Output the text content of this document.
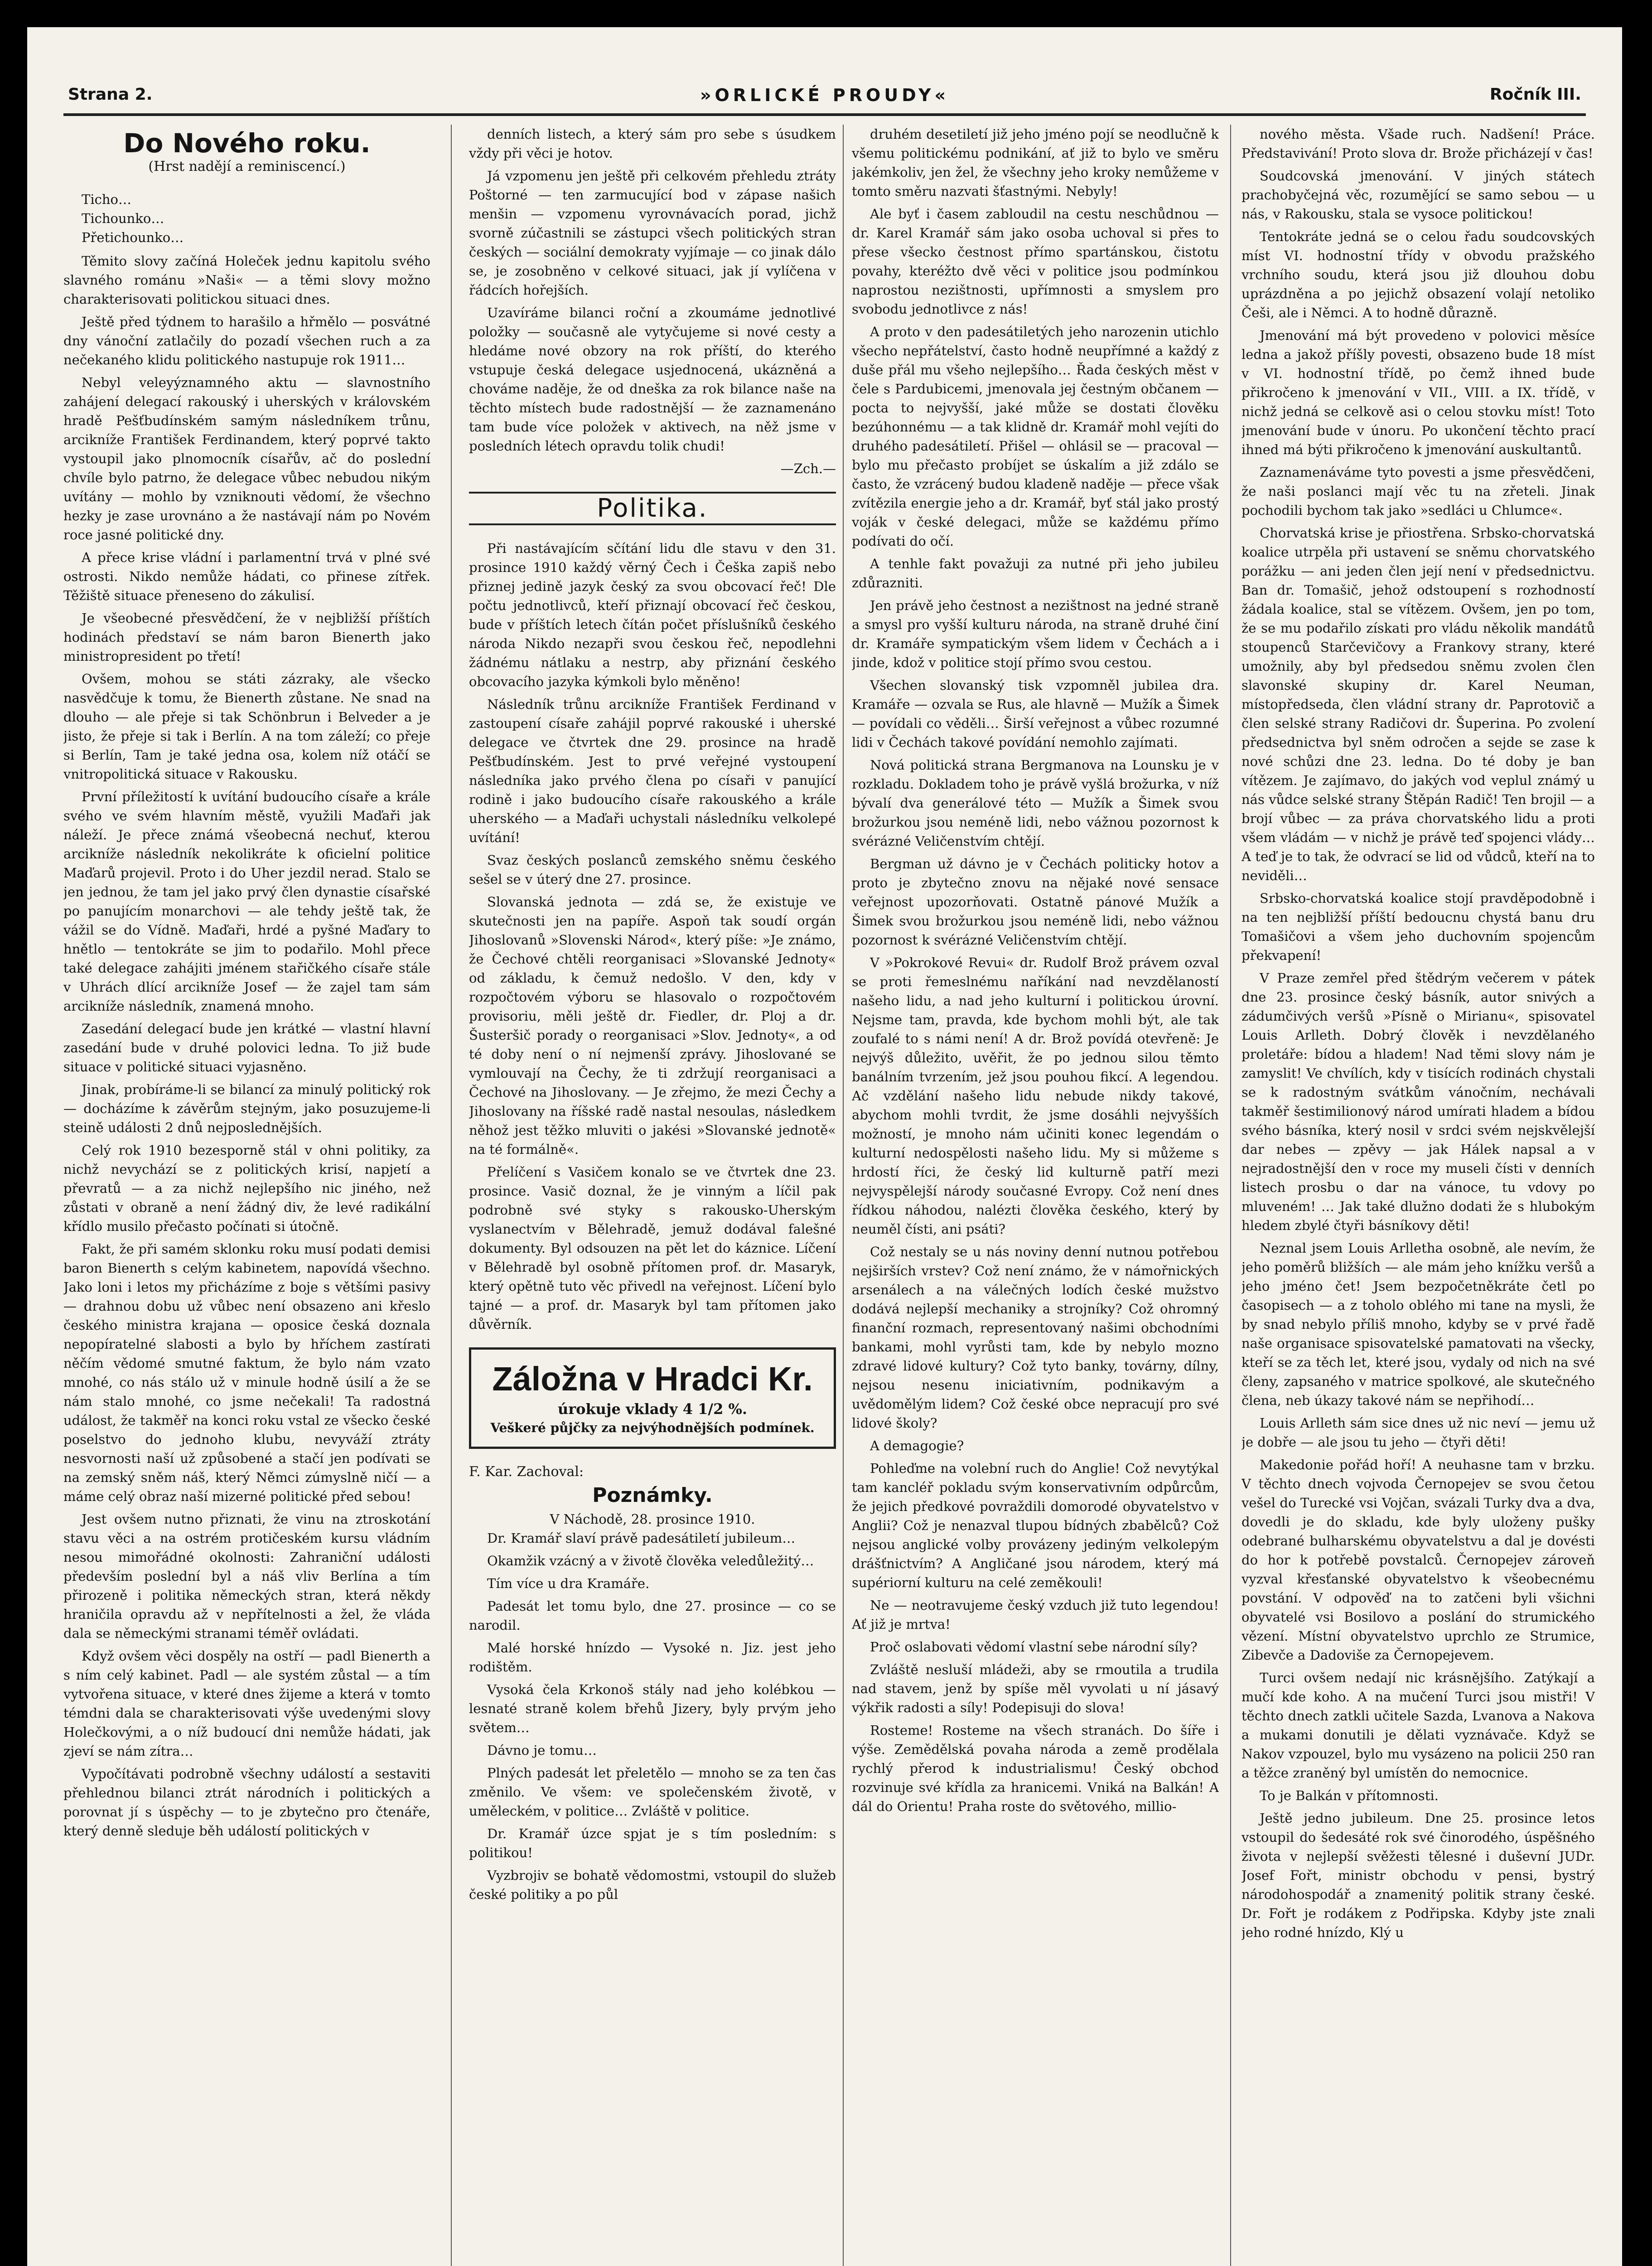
Strana 2.	»ORLICKÉ PROUDY«	Ročník III.
Do Nového roku.
(Hrst nadějí a reminiscencí.)
Ticho…
Tichounko…
Přetichounko…

Těmito slovy začíná Holeček jednu kapitolu svého slavného románu »Naši« — a těmi slovy možno charakterisovati politickou situaci dnes.

Ještě před týdnem to harašilo a hřmělo — posvátné dny vánoční zatlačily do pozadí všechen ruch a za nečekaného klidu politického nastupuje rok 1911…

Nebyl veleyýznamného aktu — slavnostního zahájení delegací rakouský i uherských v královském hradě Pešťbudínském samým následníkem trůnu, arcikníže František Ferdinandem, který poprvé takto vystoupil jako plnomocník císařův, ač do poslední chvíle bylo patrno, že delegace vůbec nebudou nikým uvítány — mohlo by vzniknouti vědomí, že všechno hezky je zase urovnáno a že nastávají nám po Novém roce jasné politické dny.

A přece krise vládní i parlamentní trvá v plné své ostrosti. Nikdo nemůže hádati, co přinese zítřek. Těžiště situace přeneseno do zákulisí.

Je všeobecné přesvědčení, že v nejbližší příštích hodinách představí se nám baron Bienerth jako ministropresident po třetí!

Ovšem, mohou se státi zázraky, ale všecko nasvědčuje k tomu, že Bienerth zůstane. Ne snad na dlouho — ale přeje si tak Schönbrun i Belveder a je jisto, že přeje si tak i Berlín. A na tom záleží; co přeje si Berlín, Tam je také jedna osa, kolem níž otáčí se vnitropolitická situace v Rakousku.

První příležitostí k uvítání budoucího císaře a krále svého ve svém hlavním městě, využili Maďaři jak náleží. Je přece známá všeobecná nechuť, kterou arcikníže následník nekolikráte k oficielní politice Maďarů projevil. Proto i do Uher jezdil nerad. Stalo se jen jednou, že tam jel jako prvý člen dynastie císařské po panujícím monarchovi — ale tehdy ještě tak, že vážil se do Vídně. Maďaři, hrdé a pyšné Maďary to hnětlo — tentokráte se jim to podařilo. Mohl přece také delegace zahájiti jménem stařičkého císaře stále v Uhrách dlící arcikníže Josef — že zajel tam sám arcikníže následník, znamená mnoho.

Zasedání delegací bude jen krátké — vlastní hlavní zasedání bude v druhé polovici ledna. To již bude situace v politické situaci vyjasněno.

Jinak, probíráme-li se bilancí za minulý politický rok — docházíme k závěrům stejným, jako posuzujeme-li steině události 2 dnů nejposlednějších.

Celý rok 1910 bezesporně stál v ohni politiky, za nichž nevychází se z politických krisí, napjetí a převratů — a za nichž nejlepšího nic jiného, než zůstati v obraně a není žádný div, že levé radikální křídlo musilo přečasto počínati si útočně.

Fakt, že při samém sklonku roku musí podati demisi baron Bienerth s celým kabinetem, napovídá všechno. Jako loni i letos my přicházíme z boje s většími pasivy — drahnou dobu už vůbec není obsazeno ani křeslo českého ministra krajana — oposice česká doznala nepopíratelné slabosti a bylo by hříchem zastírati něčím vědomé smutné faktum, že bylo nám vzato mnohé, co nás stálo už v minule hodně úsilí a že se nám stalo mnohé, co jsme nečekali! Ta radostná událost, že takměř na konci roku vstal ze všecko české poselstvo do jednoho klubu, nevyváží ztráty nesvornosti naší už způsobené a stačí jen podívati se na zemský sněm náš, který Němci zúmyslně ničí — a máme celý obraz naší mizerné politické před sebou!

Jest ovšem nutno přiznati, že vinu na ztroskotání stavu věci a na ostrém protičeském kursu vládním nesou mimořádné okolnosti: Zahraniční události především poslední byl a náš vliv Berlína a tím přirozeně i politika německých stran, která někdy hraničila opravdu až v nepřítelnosti a žel, že vláda dala se německými stranami téměř ovládati.

Když ovšem věci dospěly na ostří — padl Bienerth a s ním celý kabinet. Padl — ale systém zůstal — a tím vytvořena situace, v které dnes žijeme a která v tomto témdni dala se charakterisovati výše uvedenými slovy Holečkovými, a o níž budoucí dni nemůže hádati, jak zjeví se nám zítra…

Vypočítávati podrobně všechny událostí a sestaviti přehlednou bilanci ztrát národních i politických a porovnat jí s úspěchy — to je zbytečno pro čtenáře, který denně sleduje běh událostí politických v

denních listech, a který sám pro sebe s úsudkem vždy při věci je hotov.

Já vzpomenu jen ještě při celkovém přehledu ztráty Poštorné — ten zarmucující bod v zápase našich menšin — vzpomenu vyrovnávacích porad, jichž svorně zúčastnili se zástupci všech politických stran českých — sociální demokraty vyjímaje — co jinak dálo se, je zosobněno v celkové situaci, jak jí vylíčena v řádcích hořejších.

Uzavíráme bilanci roční a zkoumáme jednotlivé položky — současně ale vytyčujeme si nové cesty a hledáme nové obzory na rok příští, do kterého vstupuje česká delegace usjednocená, ukázněná a chováme naděje, že od dneška za rok bilance naše na těchto místech bude radostnější — že zaznamenáno tam bude více položek v aktivech, na něž jsme v posledních létech opravdu tolik chudi!

—Zch.—

Politika.

Při nastávajícím sčítání lidu dle stavu v den 31. prosince 1910 každý věrný Čech i Češka zapiš nebo přiznej jedině jazyk český za svou obcovací řeč! Dle počtu jednotlivců, kteří přiznají obcovací řeč českou, bude v příštích letech čítán počet příslušníků českého národa Nikdo nezapři svou českou řeč, nepodlehni žádnému nátlaku a nestrp, aby přiznání českého obcovacího jazyka kýmkoli bylo měněno!

Následník trůnu arcikníže František Ferdinand v zastoupení císaře zahájil poprvé rakouské i uherské delegace ve čtvrtek dne 29. prosince na hradě Pešťbudínském. Jest to prvé veřejné vystoupení následníka jako prvého člena po císaři v panující rodině i jako budoucího císaře rakouského a krále uherského — a Maďaři uchystali následníku velkolepé uvítání!

Svaz českých poslanců zemského sněmu českého sešel se v úterý dne 27. prosince.

Slovanská jednota — zdá se, že existuje ve skutečnosti jen na papíře. Aspoň tak soudí orgán Jihoslovanů »Slovenski Národ«, který píše: »Je známo, že Čechové chtěli reorganisaci »Slovanské Jednoty« od základu, k čemuž nedošlo. V den, kdy v rozpočtovém výboru se hlasovalo o rozpočtovém provisoriu, měli ještě dr. Fiedler, dr. Ploj a dr. Šusteršič porady o reorganisaci »Slov. Jednoty«, a od té doby není o ní nejmenší zprávy. Jihoslované se vymlouvají na Čechy, že ti zdržují reorganisaci a Čechové na Jihoslovany. — Je zřejmo, že mezi Čechy a Jihoslovany na říšské radě nastal nesoulas, následkem něhož jest těžko mluviti o jakési »Slovanské jednotě« na té formálně«.

Přelíčení s Vasičem konalo se ve čtvrtek dne 23. prosince. Vasič doznal, že je vinným a líčil pak podrobně své styky s rakousko-Uherským vyslanectvím v Bělehradě, jemuž dodával falešné dokumenty. Byl odsouzen na pět let do káznice. Líčení v Bělehradě byl osobně přítomen prof. dr. Masaryk, který opětně tuto věc přivedl na veřejnost. Líčení bylo tajné — a prof. dr. Masaryk byl tam přítomen jako důvěrník.

Záložna v Hradci Kr.
úrokuje vklady 4 1/2 %.
Veškeré půjčky za nejvýhodnějších podmínek.
F. Kar. Zachoval:
Poznámky.
V Náchodě, 28. prosince 1910.

Dr. Kramář slaví právě padesátiletí jubileum…

Okamžik vzácný a v životě člověka veledůležitý…

Tím více u dra Kramáře.

Padesát let tomu bylo, dne 27. prosince — co se narodil.

Malé horské hnízdo — Vysoké n. Jiz. jest jeho rodištěm.

Vysoká čela Krkonoš stály nad jeho kolébkou — lesnaté straně kolem břehů Jizery, byly prvým jeho světem…

Dávno je tomu…

Plných padesát let přeletělo — mnoho se za ten čas změnilo. Ve všem: ve společenském životě, v uměleckém, v politice… Zvláště v politice.

Dr. Kramář úzce spjat je s tím posledním: s politikou!

Vyzbrojiv se bohatě vědomostmi, vstoupil do služeb české politiky a po půl

druhém desetiletí již jeho jméno pojí se neodlučně k všemu politickému podnikání, ať již to bylo ve směru jakémkoliv, jen žel, že všechny jeho kroky nemůžeme v tomto směru nazvati šťastnými. Nebyly!

Ale byť i časem zabloudil na cestu neschůdnou — dr. Karel Kramář sám jako osoba uchoval si přes to přese všecko čestnost přímo spartánskou, čistotu povahy, kteréžto dvě věci v politice jsou podmínkou naprostou nezištnosti, upřímnosti a smyslem pro svobodu jednotlivce z nás!

A proto v den padesátiletých jeho narozenin utichlo všecho nepřátelství, často hodně neupřímné a každý z duše přál mu všeho nejlepšího… Řada českých měst v čele s Pardubicemi, jmenovala jej čestným občanem — pocta to nejvyšší, jaké může se dostati člověku bezúhonnému — a tak klidně dr. Kramář mohl vejíti do druhého padesátiletí. Přišel — ohlásil se — pracoval — bylo mu přečasto probíjet se úskalím a již zdálo se často, že vzrácený budou kladeně naděje — přece však zvítězila energie jeho a dr. Kramář, byť stál jako prostý voják v české delegaci, může se každému přímo podívati do očí.

A tenhle fakt považuji za nutné při jeho jubileu zdůrazniti.

Jen právě jeho čestnost a nezištnost na jedné straně a smysl pro vyšší kulturu národa, na straně druhé činí dr. Kramáře sympatickým všem lidem v Čechách a i jinde, kdož v politice stojí přímo svou cestou.

Všechen slovanský tisk vzpomněl jubilea dra. Kramáře — ozvala se Rus, ale hlavně — Mužík a Šimek — povídali co věděli… Širší veřejnost a vůbec rozumné lidi v Čechách takové povídání nemohlo zajímati.

Nová politická strana Bergmanova na Lounsku je v rozkladu. Dokladem toho je právě vyšlá brožurka, v níž bývalí dva generálové této — Mužík a Šimek svou brožurkou jsou neméně lidi, nebo vážnou pozornost k svérázné Veličenstvím chtějí.

Bergman už dávno je v Čechách politicky hotov a proto je zbytečno znovu na nějaké nové sensace veřejnost upozorňovati. Ostatně pánové Mužík a Šimek svou brožurkou jsou neméně lidi, nebo vážnou pozornost k svérázné Veličenstvím chtějí.

V »Pokrokové Revui« dr. Rudolf Brož právem ozval se proti řemeslnému naříkání nad nevzdělaností našeho lidu, a nad jeho kulturní i politickou úrovní. Nejsme tam, pravda, kde bychom mohli být, ale tak zoufalé to s námi není! A dr. Brož povídá otevřeně: Je nejvýš důležito, uvěřit, že po jednou silou těmto banálním tvrzením, jež jsou pouhou fikcí. A legendou. Ač vzdělání našeho lidu nebude nikdy takové, abychom mohli tvrdit, že jsme dosáhli nejvyšších možností, je mnoho nám učiniti konec legendám o kulturní nedospělosti našeho lidu. My si můžeme s hrdostí říci, že český lid kulturně patří mezi nejvyspělejší národy současné Evropy. Což není dnes řídkou náhodou, nalézti člověka českého, který by neuměl čísti, ani psáti?

Což nestaly se u nás noviny denní nutnou potřebou nejširších vrstev? Což není známo, že v námořnických arsenálech a na válečných lodích české mužstvo dodává nejlepší mechaniky a strojníky? Což ohromný finanční rozmach, representovaný našimi obchodními bankami, mohl vyrůsti tam, kde by nebylo mozno zdravé lidové kultury? Což tyto banky, továrny, dílny, nejsou nesenu iniciativním, podnikavým a uvědomělým lidem? Což české obce nepracují pro své lidové školy?

A demagogie?

Pohleďme na volební ruch do Anglie! Což nevytýkal tam kancléř pokladu svým konservativním odpůrcům, že jejich předkové povraždili domorodé obyvatelstvo v Anglii? Což je nenazval tlupou bídných zbabělců? Což nejsou anglické volby provázeny jediným velkolepým drášťnictvím? A Angličané jsou národem, který má supériorní kulturu na celé zeměkouli!

Ne — neotravujeme český vzduch již tuto legendou! Ať již je mrtva!

Proč oslabovati vědomí vlastní sebe národní síly?

Zvláště nesluší mládeži, aby se rmoutila a trudila nad stavem, jenž by spíše měl vyvolati u ní jásavý výkřik radosti a síly! Podepisuji do slova!

Rosteme! Rosteme na všech stranách. Do šíře i výše. Zemědělská povaha národa a země prodělala rychlý přerod k industrialismu! Český obchod rozvinuje své křídla za hranicemi. Vniká na Balkán! A dál do Orientu! Praha roste do světového, millio-

nového města. Všade ruch. Nadšení! Práce. Představivání! Proto slova dr. Brože přicházejí v čas!

Soudcovská jmenování. V jiných státech prachobyčejná věc, rozumějící se samo sebou — u nás, v Rakousku, stala se vysoce politickou!

Tentokráte jedná se o celou řadu soudcovských míst VI. hodnostní třídy v obvodu pražského vrchního soudu, která jsou již dlouhou dobu uprázdněna a po jejichž obsazení volají netoliko Češi, ale i Němci. A to hodně důrazně.

Jmenování má být provedeno v polovici měsíce ledna a jakož příšly povesti, obsazeno bude 18 míst v VI. hodnostní třídě, po čemž ihned bude přikročeno k jmenování v VII., VIII. a IX. třídě, v nichž jedná se celkově asi o celou stovku míst! Toto jmenování bude v únoru. Po ukončení těchto prací ihned má býti přikročeno k jmenování auskultantů.

Zaznamenáváme tyto povesti a jsme přesvědčeni, že naši poslanci mají věc tu na zřeteli. Jinak pochodili bychom tak jako »sedláci u Chlumce«.

Chorvatská krise je přiostřena. Srbsko-chorvatská koalice utrpěla při ustavení se sněmu chorvatského porážku — ani jeden člen její není v předsednictvu. Ban dr. Tomašič, jehož odstoupení s rozhodností žádala koalice, stal se vítězem. Ovšem, jen po tom, že se mu podařilo získati pro vládu několik mandátů stoupenců Starčevičovy a Frankovy strany, které umožnily, aby byl předsedou sněmu zvolen člen slavonské skupiny dr. Karel Neuman, místopředseda, člen vládní strany dr. Paprotovič a člen selské strany Radičovi dr. Šuperina. Po zvolení předsednictva byl sněm odročen a sejde se zase k nové schůzi dne 23. ledna. Do té doby je ban vítězem. Je zajímavo, do jakých vod veplul známý u nás vůdce selské strany Štěpán Radič! Ten brojil — a brojí vůbec — za práva chorvatského lidu a proti všem vládám — v nichž je právě teď spojenci vlády… A teď je to tak, že odvrací se lid od vůdců, kteří na to neviděli…

Srbsko-chorvatská koalice stojí pravděpodobně i na ten nejbližší příští bedoucnu chystá banu dru Tomašičovi a všem jeho duchovním spojencům překvapení!

V Praze zemřel před štědrým večerem v pátek dne 23. prosince český básník, autor snivých a zádumčivých veršů »Písně o Mirianu«, spisovatel Louis Arlleth. Dobrý člověk i nevzdělaného proletáře: bídou a hladem! Nad těmi slovy nám je zamyslit! Ve chvílích, kdy v tisících rodinách chystali se k radostným svátkům vánočním, nechávali takměř šestimilionový národ umírati hladem a bídou svého básníka, který nosil v srdci svém nejskvělejší dar nebes — zpěvy — jak Hálek napsal a v nejradostnější den v roce my museli čísti v denních listech prosbu o dar na vánoce, tu vdovy po mluveném! … Jak také dlužno dodati že s hlubokým hledem zbylé čtyři básníkovy děti!

Neznal jsem Louis Arlletha osobně, ale nevím, že jeho poměrů bližších — ale mám jeho knížku veršů a jeho jméno čet! Jsem bezpočetněkráte četl po časopisech — a z toholo oblého mi tane na mysli, že by snad nebylo příliš mnoho, kdyby se v prvé řadě naše organisace spisovatelské pamatovati na všecky, kteří se za těch let, které jsou, vydaly od nich na své členy, zapsaného v matrice spolkové, ale skutečného člena, neb úkazy takové nám se nepřihodí…

Louis Arlleth sám sice dnes už nic neví — jemu už je dobře — ale jsou tu jeho — čtyři děti!

Makedonie pořád hoří! A neuhasne tam v brzku. V těchto dnech vojvoda Černopejev se svou četou vešel do Turecké vsi Vojčan, svázali Turky dva a dva, dovedli je do skladu, kde byly uloženy pušky odebrané bulharskému obyvatelstvu a dal je dovésti do hor k potřebě povstalců. Černopejev zároveň vyzval křesťanské obyvatelstvo k všeobecnému povstání. V odpověď na to zatčeni byli všichni obyvatelé vsi Bosilovo a poslání do strumického vězení. Místní obyvatelstvo uprchlo ze Strumice, Zibevče a Dadoviše za Černopejevem.

Turci ovšem nedají nic krásnějšího. Zatýkají a mučí kde koho. A na mučení Turci jsou mistři! V těchto dnech zatkli učitele Sazda, Lvanova a Nakova a mukami donutili je dělati vyznávače. Když se Nakov vzpouzel, bylo mu vysázeno na policii 250 ran a těžce zraněný byl umístěn do nemocnice.

To je Balkán v přítomnosti.

Ještě jedno jubileum. Dne 25. prosince letos vstoupil do šedesáté rok své činorodého, úspěšného života v nejlepší svěžesti tělesné i duševní JUDr. Josef Fořt, ministr obchodu v pensi, bystrý národohospodář a znamenitý politik strany české. Dr. Fořt je rodákem z Podřipska. Kdyby jste znali jeho rodné hnízdo, Klý u
